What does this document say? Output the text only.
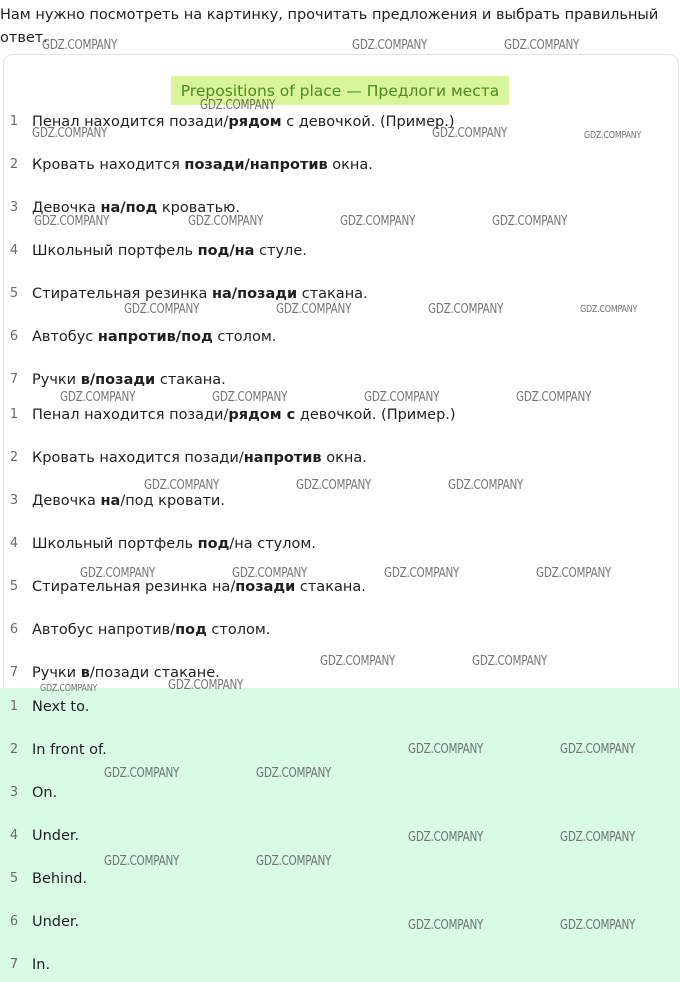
Нам нужно посмотреть на картинку, прочитать предложения и выбрать правильный ответ.
Prepositions of place — Предлоги места
1 Пенал находится позади/рядом с девочкой. (Пример.)
2 Кровать находится позади/напротив окна.
3 Девочка на/под кроватью.
4 Школьный портфель под/на стуле.
5 Стирательная резинка на/позади стакана.
6 Автобус напротив/под столом.
7 Ручки в/позади стакана.
1 Пенал находится позади/рядом с девочкой. (Пример.)
2 Кровать находится позади/напротив окна.
3 Девочка на/под кровати.
4 Школьный портфель под/на стулом.
5 Стирательная резинка на/позади стакана.
6 Автобус напротив/под столом.
7 Ручки в/позади стакане.
1 Next to.
2 In front of.
3 On.
4 Under.
5 Behind.
6 Under.
7 In.
GDZ.COMPANY	GDZ.COMPANY	GDZ.COMPANY
GDZ.COMPANY
GDZ.COMPANY	GDZ.COMPANY	GDZ.COMPANY
GDZ.COMPANY	GDZ.COMPANY	GDZ.COMPANY	GDZ.COMPANY
GDZ.COMPANY	GDZ.COMPANY	GDZ.COMPANY	GDZ.COMPANY
GDZ.COMPANY	GDZ.COMPANY	GDZ.COMPANY	GDZ.COMPANY
GDZ.COMPANY	GDZ.COMPANY	GDZ.COMPANY
GDZ.COMPANY	GDZ.COMPANY	GDZ.COMPANY	GDZ.COMPANY
GDZ.COMPANY	GDZ.COMPANY
GDZ.COMPANY	GDZ.COMPANY
GDZ.COMPANY	GDZ.COMPANY
GDZ.COMPANY	GDZ.COMPANY
GDZ.COMPANY	GDZ.COMPANY
GDZ.COMPANY	GDZ.COMPANY
GDZ.COMPANY	GDZ.COMPANY
